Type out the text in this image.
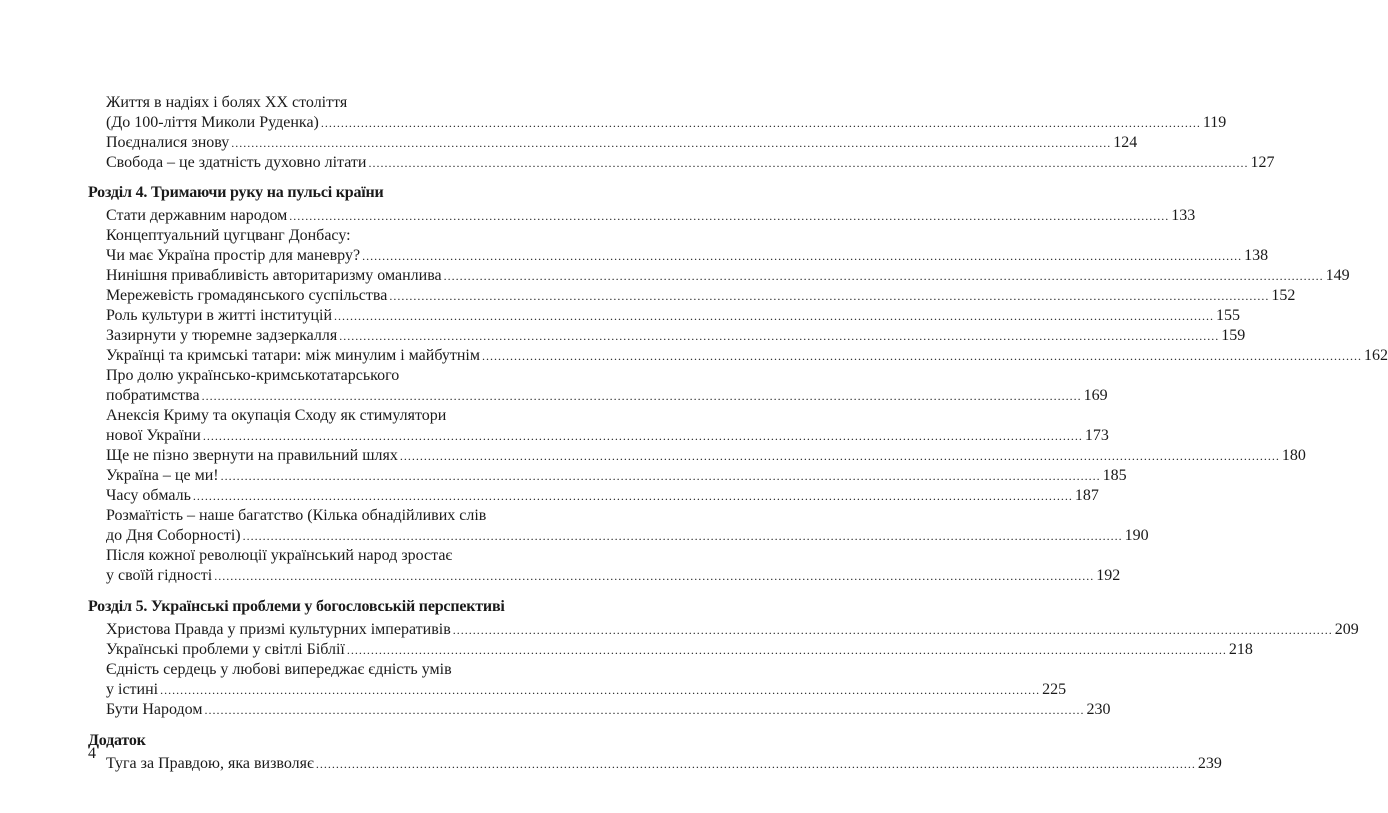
Життя в надіях і болях ХХ століття
(До 100-ліття Миколи Руденка) ............................................................................................................................................................................................................................ 119
Поєдналися знову ............................................................................................................................................................................................................................ 124
Свобода – це здатність духовно літати ............................................................................................................................................................................................................................ 127
Розділ 4. Тримаючи руку на пульсі країни
Стати державним народом ............................................................................................................................................................................................................................ 133
Концептуальний цугцванг Донбасу:
Чи має Україна простір для маневру? ............................................................................................................................................................................................................................ 138
Нинішня привабливість авторитаризму оманлива ............................................................................................................................................................................................................................ 149
Мережевість громадянського суспільства ............................................................................................................................................................................................................................ 152
Роль культури в житті інституцій ............................................................................................................................................................................................................................ 155
Зазирнути у тюремне задзеркалля ............................................................................................................................................................................................................................ 159
Українці та кримські татари: між минулим і майбутнім ............................................................................................................................................................................................................................ 162
Про долю українсько-кримськотатарського
побратимства ............................................................................................................................................................................................................................ 169
Анексія Криму та окупація Сходу як стимулятори
нової України ............................................................................................................................................................................................................................ 173
Ще не пізно звернути на правильний шлях ............................................................................................................................................................................................................................ 180
Україна – це ми! ............................................................................................................................................................................................................................ 185
Часу обмаль ............................................................................................................................................................................................................................ 187
Розмаїтість – наше багатство (Кілька обнадійливих слів
до Дня Соборності) ............................................................................................................................................................................................................................ 190
Після кожної революції український народ зростає
у своїй гідності ............................................................................................................................................................................................................................ 192
Розділ 5. Українські проблеми у богословській перспективі
Христова Правда у призмі культурних імперативів ............................................................................................................................................................................................................................ 209
Українські проблеми у світлі Біблії ............................................................................................................................................................................................................................ 218
Єдність сердець у любові випереджає єдність умів
у істині ............................................................................................................................................................................................................................ 225
Бути Народом ............................................................................................................................................................................................................................ 230
Додаток
Туга за Правдою, яка визволяє ............................................................................................................................................................................................................................ 239
4
